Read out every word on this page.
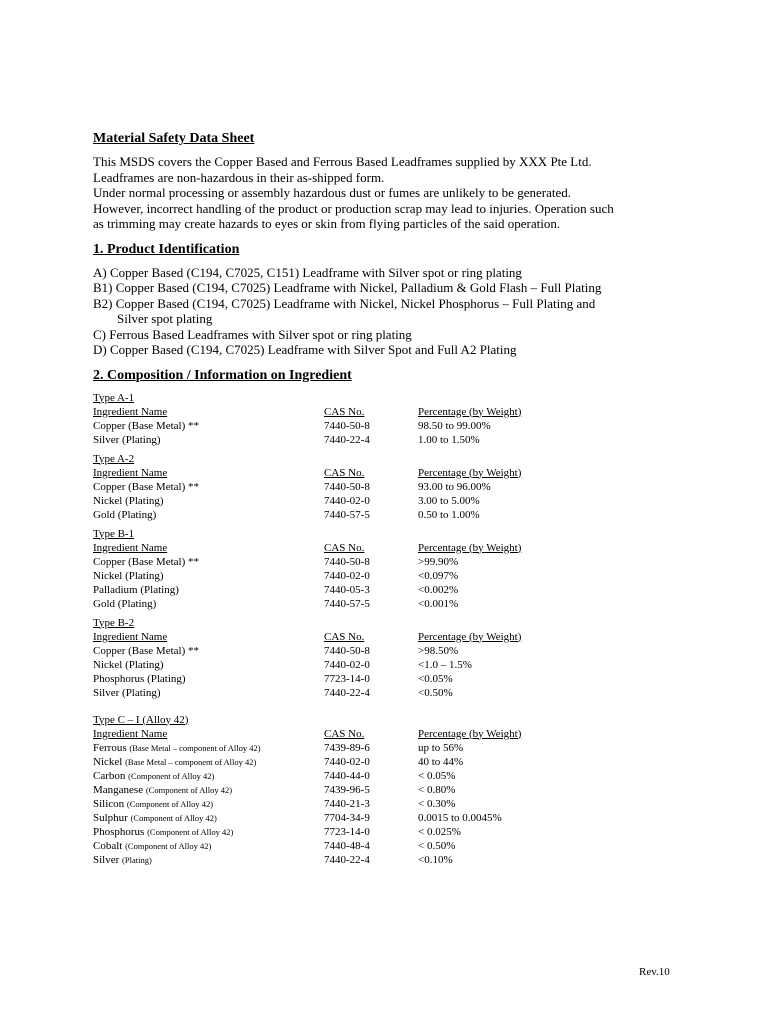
Material Safety Data Sheet

This MSDS covers the Copper Based and Ferrous Based Leadframes supplied by XXX Pte Ltd.

Leadframes are non-hazardous in their as-shipped form.

Under normal processing or assembly hazardous dust or fumes are unlikely to be generated.

However, incorrect handling of the product or production scrap may lead to injuries. Operation such

as trimming may create hazards to eyes or skin from flying particles of the said operation.

1. Product Identification
A) Copper Based (C194, C7025, C151) Leadframe with Silver spot or ring plating
B1) Copper Based (C194, C7025) Leadframe with Nickel, Palladium & Gold Flash – Full Plating
B2) Copper Based (C194, C7025) Leadframe with Nickel, Nickel Phosphorus – Full Plating and
Silver spot plating
C) Ferrous Based Leadframes with Silver spot or ring plating
D) Copper Based (C194, C7025) Leadframe with Silver Spot and Full A2 Plating
2. Composition / Information on Ingredient
Type A-1
Ingredient Name	CAS No.	Percentage (by Weight)
Copper (Base Metal) **	7440-50-8	98.50 to 99.00%
Silver (Plating)	7440-22-4	1.00 to 1.50%
Type A-2
Ingredient Name	CAS No.	Percentage (by Weight)
Copper (Base Metal) **	7440-50-8	93.00 to 96.00%
Nickel (Plating)	7440-02-0	3.00 to 5.00%
Gold (Plating)	7440-57-5	0.50 to 1.00%
Type B-1
Ingredient Name	CAS No.	Percentage (by Weight)
Copper (Base Metal) **	7440-50-8	>99.90%
Nickel (Plating)	7440-02-0	<0.097%
Palladium (Plating)	7440-05-3	<0.002%
Gold (Plating)	7440-57-5	<0.001%
Type B-2
Ingredient Name	CAS No.	Percentage (by Weight)
Copper (Base Metal) **	7440-50-8	>98.50%
Nickel (Plating)	7440-02-0	<1.0 – 1.5%
Phosphorus (Plating)	7723-14-0	<0.05%
Silver (Plating)	7440-22-4	<0.50%
Type C – I (Alloy 42)
Ingredient Name	CAS No.	Percentage (by Weight)
Ferrous (Base Metal – component of Alloy 42)	7439-89-6	up to 56%
Nickel (Base Metal – component of Alloy 42)	7440-02-0	40 to 44%
Carbon (Component of Alloy 42)	7440-44-0	< 0.05%
Manganese (Component of Alloy 42)	7439-96-5	< 0.80%
Silicon (Component of Alloy 42)	7440-21-3	< 0.30%
Sulphur (Component of Alloy 42)	7704-34-9	0.0015 to 0.0045%
Phosphorus (Component of Alloy 42)	7723-14-0	< 0.025%
Cobalt (Component of Alloy 42)	7440-48-4	< 0.50%
Silver (Plating)	7440-22-4	<0.10%
Rev.10
